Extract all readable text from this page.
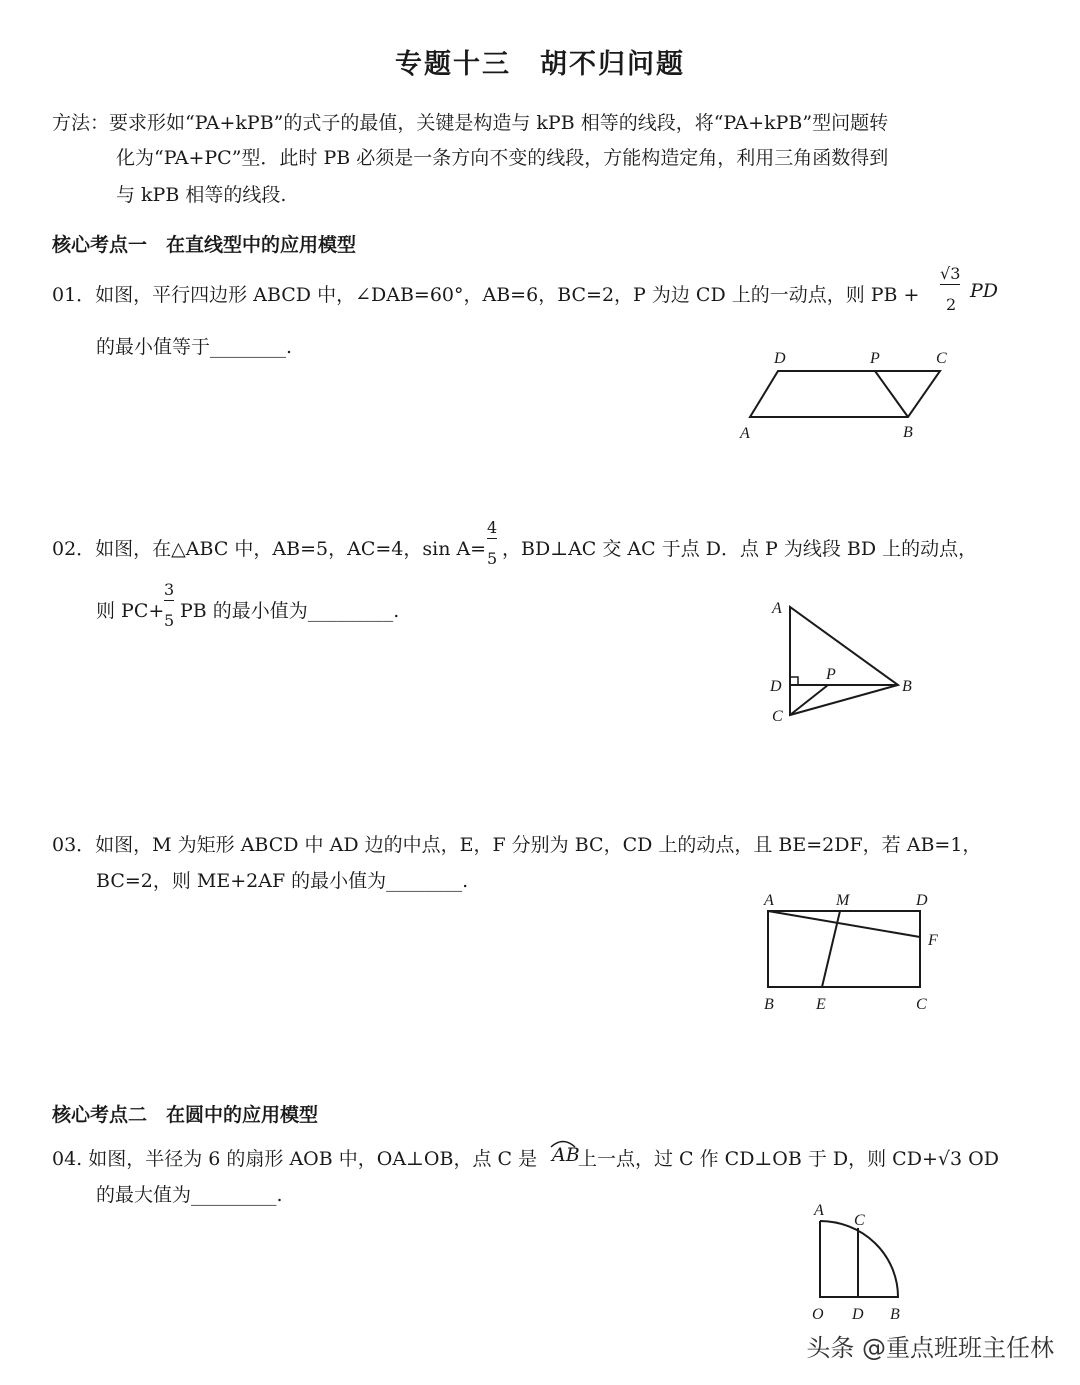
专题十三　胡不归问题
方法：要求形如“PA+kPB”的式子的最值，关键是构造与 kPB 相等的线段，将“PA+kPB”型问题转
化为“PA+PC”型．此时 PB 必须是一条方向不变的线段，方能构造定角，利用三角函数得到
与 kPB 相等的线段.
核心考点一　在直线型中的应用模型
01．如图，平行四边形 ABCD 中，∠DAB=60°，AB=6，BC=2，P 为边 CD 上的一动点，则 PB +
√3
2
PD
的最小值等于________.
A	B
C
D	P
02．如图，在△ABC 中，AB=5，AC=4，sin A=
4
5 ，BD⊥AC 交 AC 于点 D．点 P 为线段 BD 上的动点，
则 PC+
3
5 PB 的最小值为_________.	A
B
C
D
P
03．如图，M 为矩形 ABCD 中 AD 边的中点，E，F 分别为 BC，CD 上的动点，且 BE=2DF，若 AB=1，
BC=2，则 ME+2AF 的最小值为________.
A	M	D
F
B	E	C
核心考点二　在圆中的应用模型
04. 如图，半径为 6 的扇形 AOB 中，OA⊥OB，点 C 是 AB
上一点，过 C 作 CD⊥OB 于 D，则 CD+√3 OD
的最大值为_________.
A
C
O D B
头条 @重点班班主任林
